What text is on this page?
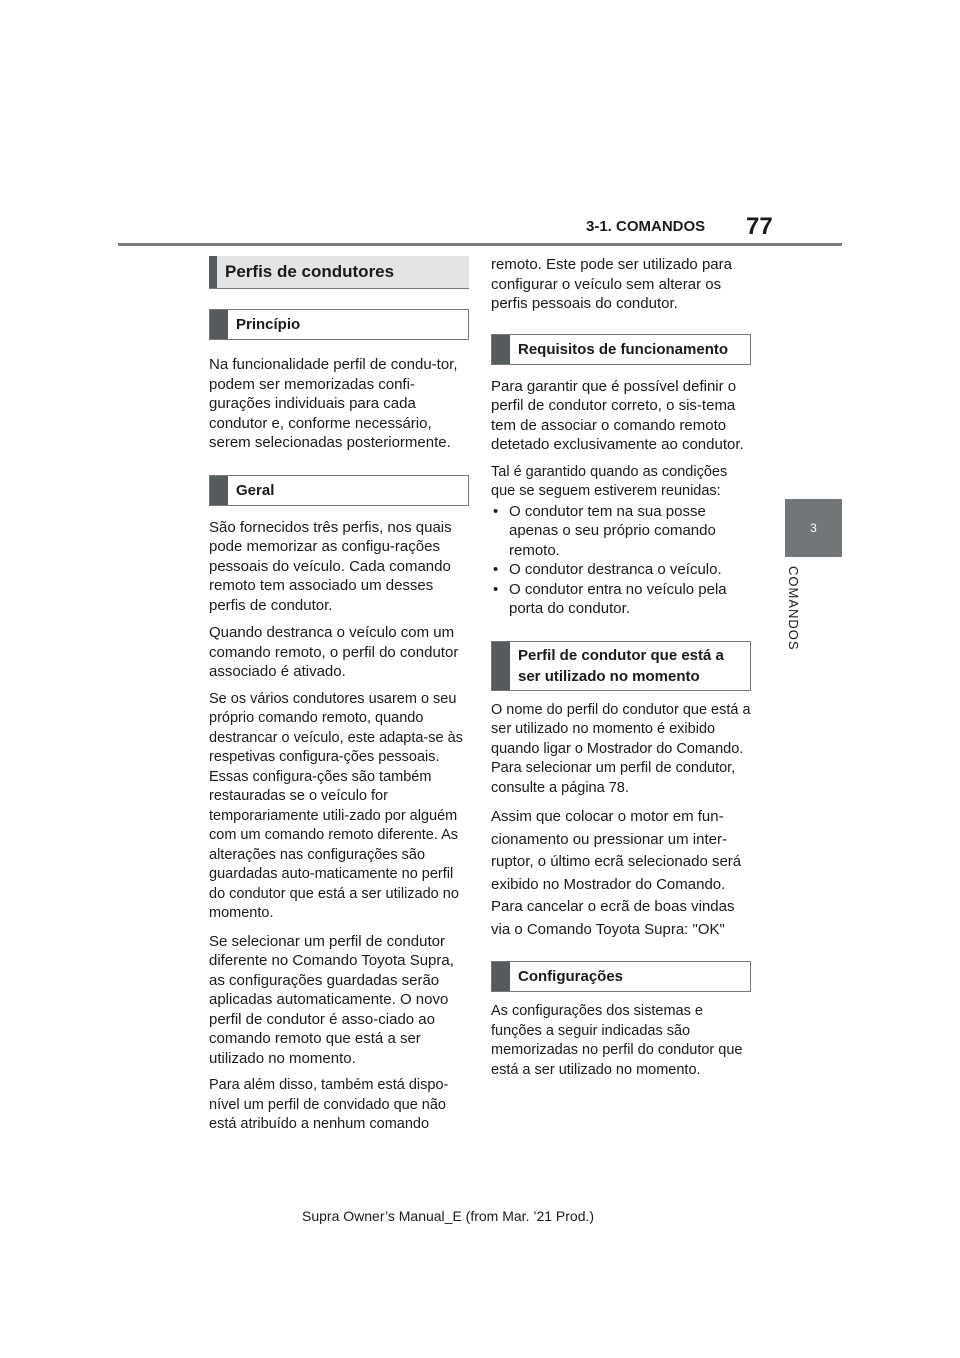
3-1. COMANDOS 77
3
COMANDOS
Perfis de condutores
Princípio

Na funcionalidade perfil de condu-tor, podem ser memorizadas confi-gurações individuais para cada condutor e, conforme necessário, serem selecionadas posteriormente.

Geral

São fornecidos três perfis, nos quais pode memorizar as configu-rações pessoais do veículo. Cada comando remoto tem associado um desses perfis de condutor.

Quando destranca o veículo com um comando remoto, o perfil do condutor associado é ativado.

Se os vários condutores usarem o seu próprio comando remoto, quando destrancar o veículo, este adapta-se às respetivas configura-ções pessoais. Essas configura-ções são também restauradas se o veículo for temporariamente utili-zado por alguém com um comando remoto diferente. As alterações nas configurações são guardadas auto-maticamente no perfil do condutor que está a ser utilizado no momento.

Se selecionar um perfil de condutor diferente no Comando Toyota Supra, as configurações guardadas serão aplicadas automaticamente. O novo perfil de condutor é asso-ciado ao comando remoto que está a ser utilizado no momento.

Para além disso, também está dispo-nível um perfil de convidado que não está atribuído a nenhum comando

remoto. Este pode ser utilizado para configurar o veículo sem alterar os perfis pessoais do condutor.

Requisitos de funcionamento

Para garantir que é possível definir o perfil de condutor correto, o sis-tema tem de associar o comando remoto detetado exclusivamente ao condutor.

Tal é garantido quando as condições que se seguem estiverem reunidas:

• O condutor tem na sua posse apenas o seu próprio comando remoto.
• O condutor destranca o veículo.
• O condutor entra no veículo pela porta do condutor.
Perfil de condutor que está a ser utilizado no momento

O nome do perfil do condutor que está a ser utilizado no momento é exibido quando ligar o Mostrador do Comando. Para selecionar um perfil de condutor, consulte a página 78.

Assim que colocar o motor em fun-cionamento ou pressionar um inter-ruptor, o último ecrã selecionado será exibido no Mostrador do Comando. Para cancelar o ecrã de boas vindas via o Comando Toyota Supra: "OK"

Configurações

As configurações dos sistemas e funções a seguir indicadas são memorizadas no perfil do condutor que está a ser utilizado no momento.

Supra Owner’s Manual_E (from Mar. ’21 Prod.)
